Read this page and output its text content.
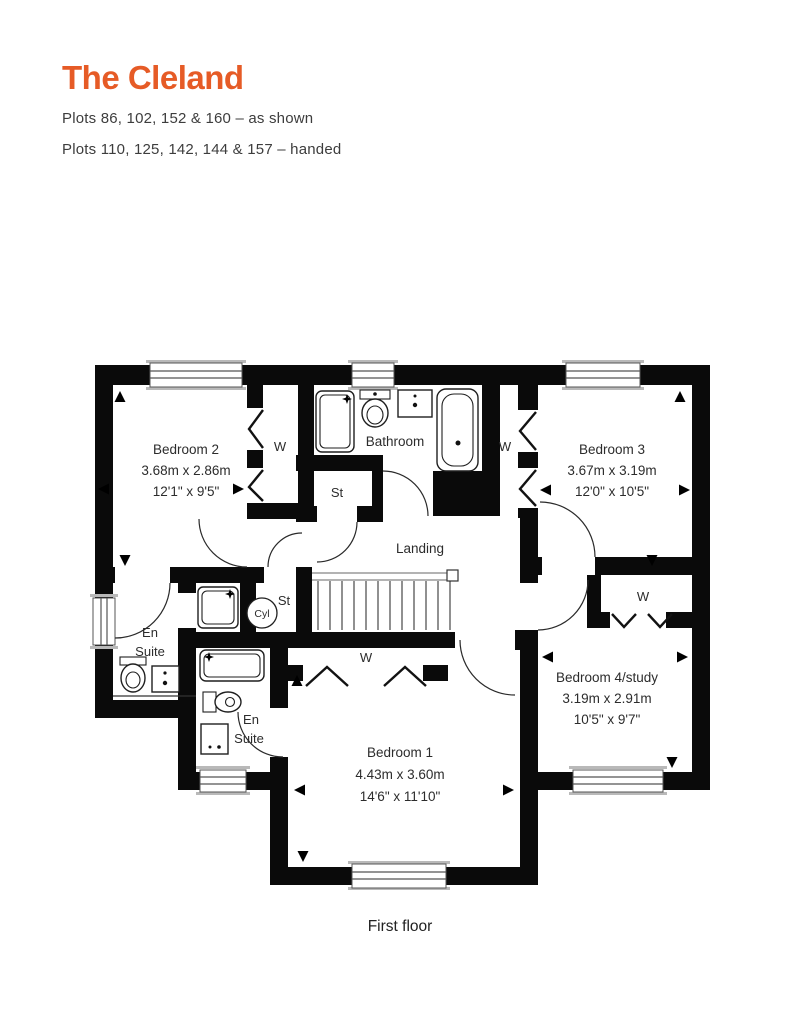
The Cleland
Plots 86, 102, 152 & 160 – as shown
Plots 110, 125, 142, 144 & 157 – handed
Bedroom 2
3.68m x 2.86m
12'1" x 9'5"
Bedroom 3
3.67m x 3.19m
12'0" x 10'5"
Bedroom 4/study
3.19m x 2.91m
10'5" x 9'7"
Bedroom 1
4.43m x 3.60m
14'6" x 11'10"
Bathroom
Landing
St
St
Cyl
W	W
W
W
En
Suite
En
Suite
First floor
